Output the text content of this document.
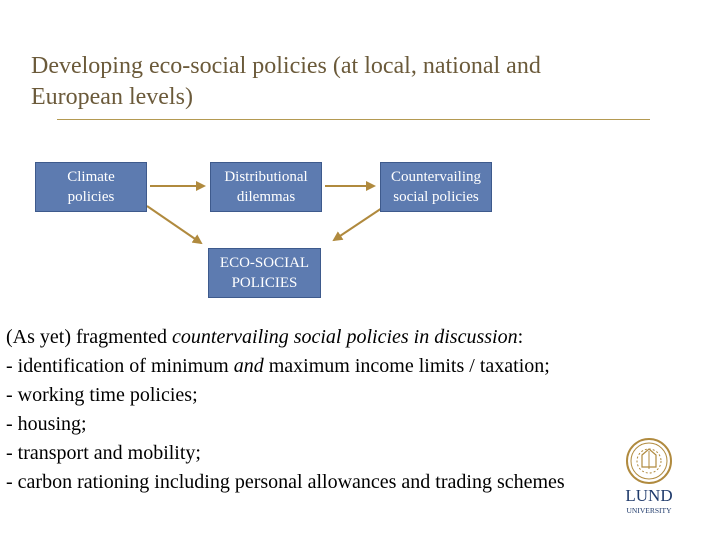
Developing eco-social policies (at local, national and European levels)
Climate
policies
Distributional
dilemmas
Countervailing
social policies
ECO-SOCIAL
POLICIES
(As yet) fragmented countervailing social policies in discussion:
- identification of minimum and maximum income limits / taxation;
- working time policies;
- housing;
- transport and mobility;
- carbon rationing including personal allowances and trading schemes
LUND
UNIVERSITY
